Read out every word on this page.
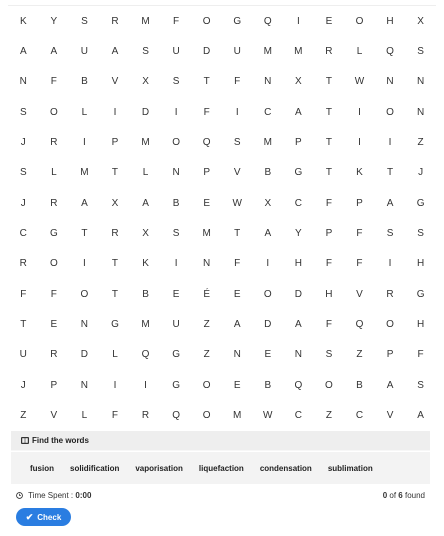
K	Y	S	R	M	F	O	G	Q	I	E	O	H	X
A	A	U	A	S	U	D	U	M	M	R	L	Q	S
N	F	B	V	X	S	T	F	N	X	T	W	N	N
S	O	L	I	D	I	F	I	C	A	T	I	O	N
J	R	I	P	M	O	Q	S	M	P	T	I	I	Z
S	L	M	T	L	N	P	V	B	G	T	K	T	J
J	R	A	X	A	B	E	W	X	C	F	P	A	G
C	G	T	R	X	S	M	T	A	Y	P	F	S	S
R	O	I	T	K	I	N	F	I	H	F	F	I	H
F	F	O	T	B	E	É	E	O	D	H	V	R	G
T	E	N	G	M	U	Z	A	D	A	F	Q	O	H
U	R	D	L	Q	G	Z	N	E	N	S	Z	P	F
J	P	N	I	I	G	O	E	B	Q	O	B	A	S
Z	V	L	F	R	Q	O	M	W	C	Z	C	V	A
Find the words
fusion solidification vaporisation liquefaction condensation sublimation
Time Spent : 0:00	0 of 6 found
✔ Check
